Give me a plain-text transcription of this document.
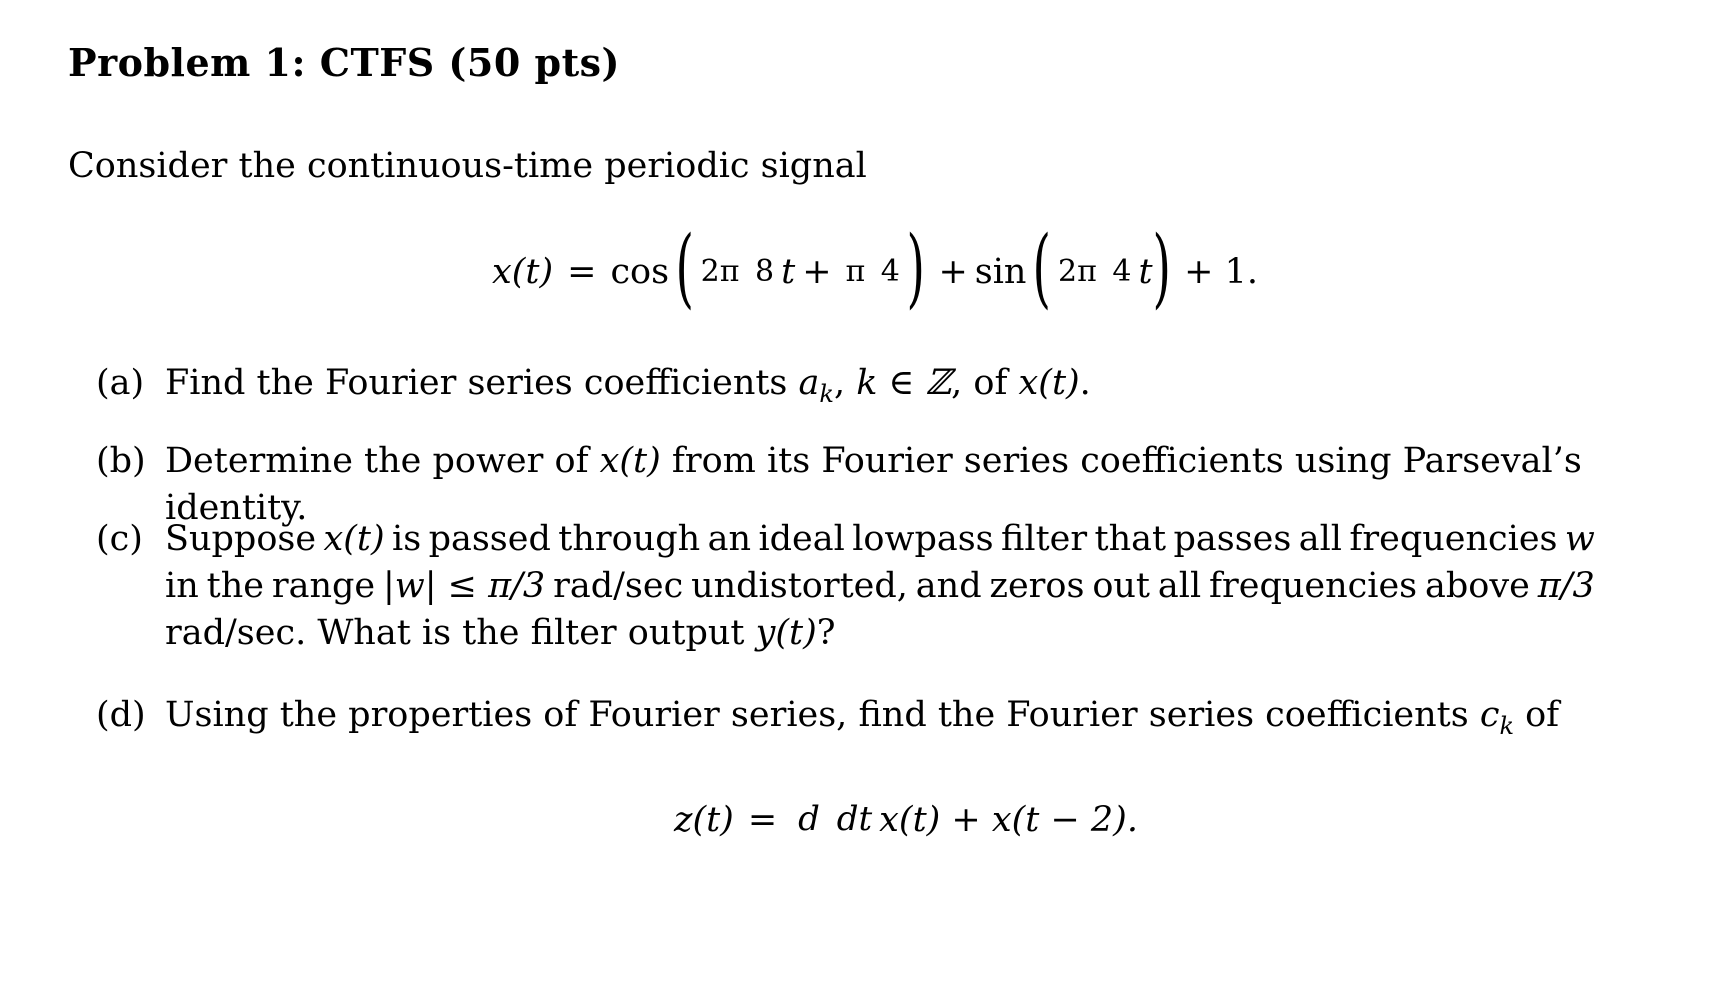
Problem 1: CTFS (50 pts)
Consider the continuous-time periodic signal
x(t) = cos ( 2π 8 t + π 4 ) + sin ( 2π 4 t ) + 1.
(a) Find the Fourier series coefficients $a_k$, k ∈ ℤ, of x(t).
(b) Determine the power of x(t) from its Fourier series coefficients using Parseval’s identity.
(c) Suppose x(t) is passed through an ideal lowpass filter that passes all frequencies w
in the range |w| ≤ π/3 rad/sec undistorted, and zeros out all frequencies above π/3
rad/sec. What is the filter output y(t)?
(d) Using the properties of Fourier series, find the Fourier series coefficients $c_k$ of
z(t) = d dt x(t) + x(t − 2).
